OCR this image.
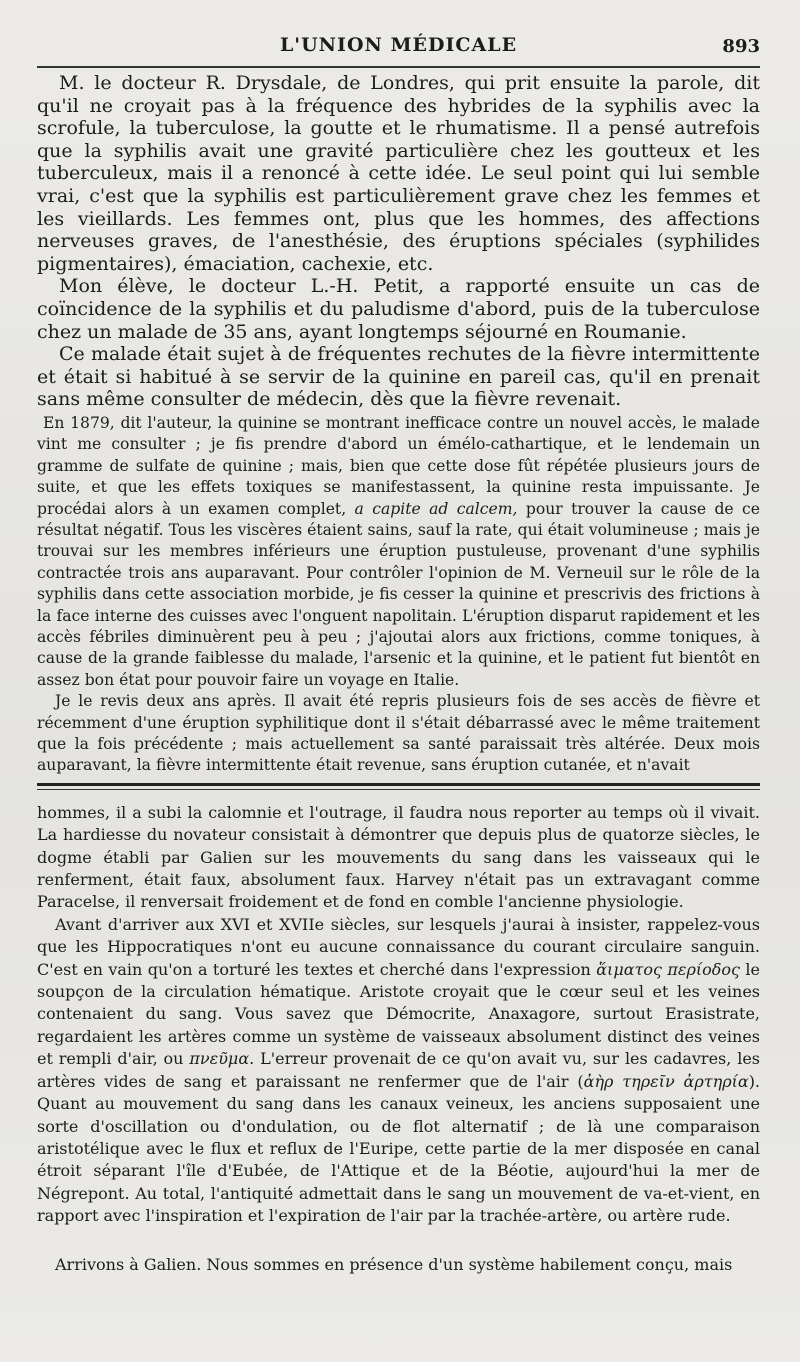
L'UNION MÉDICALE	893

M. le docteur R. Drysdale, de Londres, qui prit ensuite la parole, dit qu'il ne croyait pas à la fréquence des hybrides de la syphilis avec la scrofule, la tuberculose, la goutte et le rhumatisme. Il a pensé autrefois que la syphilis avait une gravité particulière chez les goutteux et les tuberculeux, mais il a renoncé à cette idée. Le seul point qui lui semble vrai, c'est que la syphilis est particulièrement grave chez les femmes et les vieillards. Les femmes ont, plus que les hommes, des affections nerveuses graves, de l'anesthésie, des éruptions spéciales (syphilides pigmentaires), émaciation, cachexie, etc.

Mon élève, le docteur L.-H. Petit, a rapporté ensuite un cas de coïncidence de la syphilis et du paludisme d'abord, puis de la tuberculose chez un malade de 35 ans, ayant longtemps séjourné en Roumanie.

Ce malade était sujet à de fréquentes rechutes de la fièvre intermittente et était si habitué à se servir de la quinine en pareil cas, qu'il en prenait sans même consulter de médecin, dès que la fièvre revenait.

En 1879, dit l'auteur, la quinine se montrant inefficace contre un nouvel accès, le malade vint me consulter ; je fis prendre d'abord un émélo-cathartique, et le lendemain un gramme de sulfate de quinine ; mais, bien que cette dose fût répétée plusieurs jours de suite, et que les effets toxiques se manifestassent, la quinine resta impuissante. Je procédai alors à un examen complet, a capite ad calcem, pour trouver la cause de ce résultat négatif. Tous les viscères étaient sains, sauf la rate, qui était volumineuse ; mais je trouvai sur les membres inférieurs une éruption pustuleuse, provenant d'une syphilis contractée trois ans auparavant. Pour contrôler l'opinion de M. Verneuil sur le rôle de la syphilis dans cette association morbide, je fis cesser la quinine et prescrivis des frictions à la face interne des cuisses avec l'onguent napolitain. L'éruption disparut rapidement et les accès fébriles diminuèrent peu à peu ; j'ajoutai alors aux frictions, comme toniques, à cause de la grande faiblesse du malade, l'arsenic et la quinine, et le patient fut bientôt en assez bon état pour pouvoir faire un voyage en Italie.

Je le revis deux ans après. Il avait été repris plusieurs fois de ses accès de fièvre et récemment d'une éruption syphilitique dont il s'était débarrassé avec le même traitement que la fois précédente ; mais actuellement sa santé paraissait très altérée. Deux mois auparavant, la fièvre intermittente était revenue, sans éruption cutanée, et n'avait

hommes, il a subi la calomnie et l'outrage, il faudra nous reporter au temps où il vivait. La hardiesse du novateur consistait à démontrer que depuis plus de quatorze siècles, le dogme établi par Galien sur les mouvements du sang dans les vaisseaux qui le renferment, était faux, absolument faux. Harvey n'était pas un extravagant comme Paracelse, il renversait froidement et de fond en comble l'ancienne physiologie.

Avant d'arriver aux XVI et XVIIe siècles, sur lesquels j'aurai à insister, rappelez-vous que les Hippocratiques n'ont eu aucune connaissance du courant circulaire sanguin. C'est en vain qu'on a torturé les textes et cherché dans l'expression ἅιματος περίοδος le soupçon de la circulation hématique. Aristote croyait que le cœur seul et les veines contenaient du sang. Vous savez que Démocrite, Anaxagore, surtout Erasistrate, regardaient les artères comme un système de vaisseaux absolument distinct des veines et rempli d'air, ou πνεῦμα. L'erreur provenait de ce qu'on avait vu, sur les cadavres, les artères vides de sang et paraissant ne renfermer que de l'air (ἀὴρ τηρεῖν ἀρτηρία). Quant au mouvement du sang dans les canaux veineux, les anciens supposaient une sorte d'oscillation ou d'ondulation, ou de flot alternatif ; de là une comparaison aristotélique avec le flux et reflux de l'Euripe, cette partie de la mer disposée en canal étroit séparant l'île d'Eubée, de l'Attique et de la Béotie, aujourd'hui la mer de Négrepont. Au total, l'antiquité admettait dans le sang un mouvement de va-et-vient, en rapport avec l'inspiration et l'expiration de l'air par la trachée-artère, ou artère rude.

Arrivons à Galien. Nous sommes en présence d'un système habilement conçu, mais
